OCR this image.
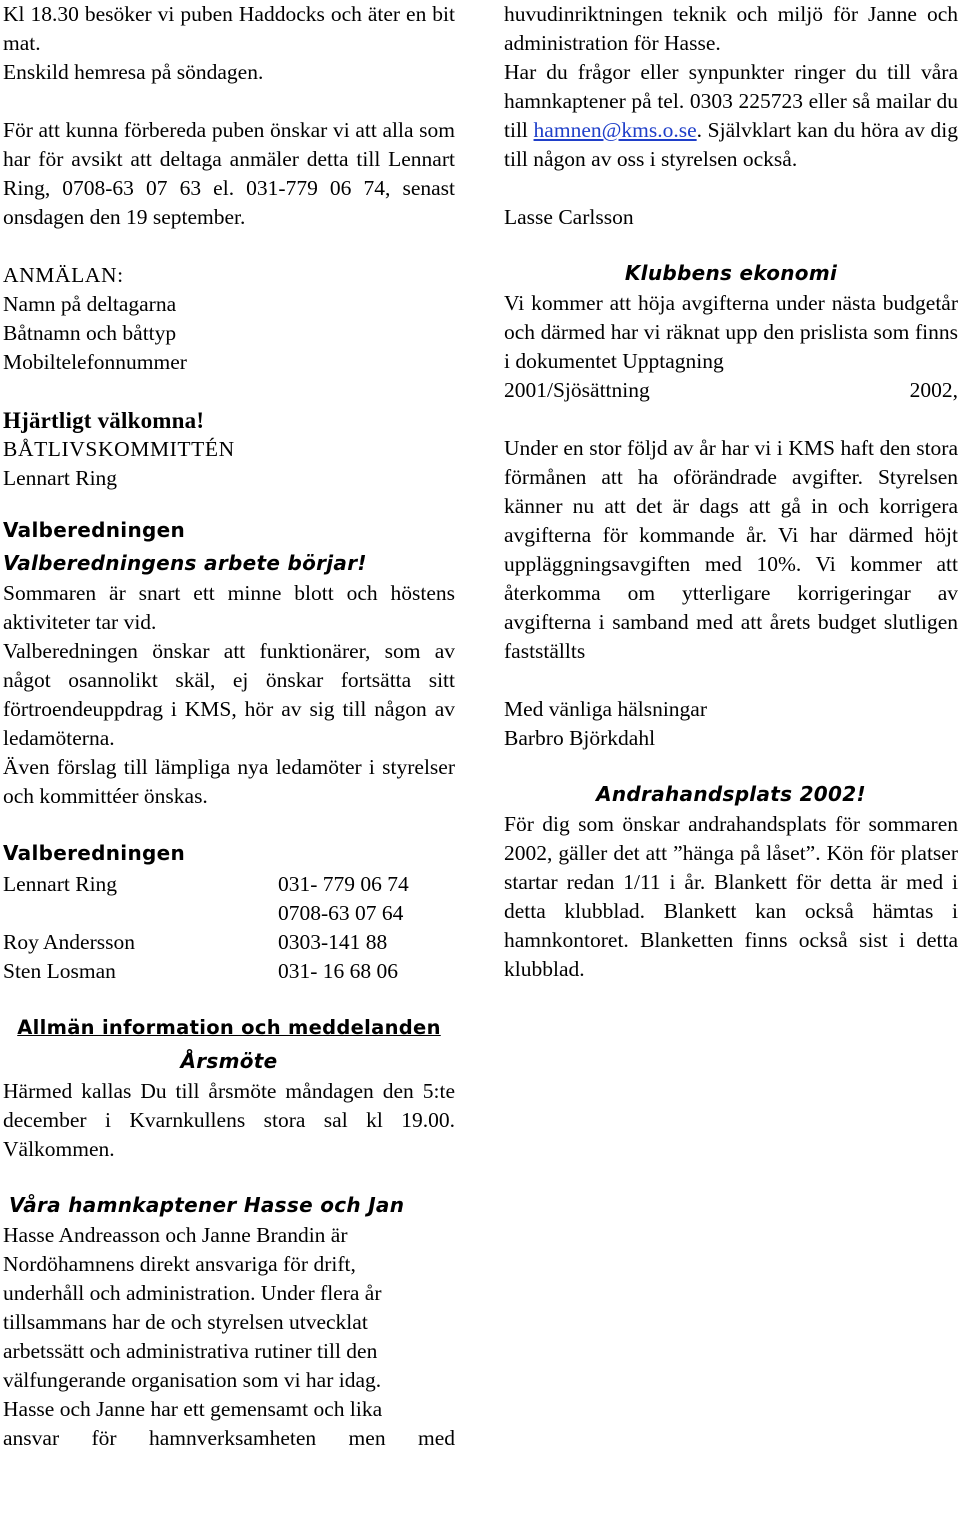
Kl 18.30 besöker vi puben Haddocks och äter en bit mat.

Enskild hemresa på söndagen.

För att kunna förbereda puben önskar vi att alla som har för avsikt att deltaga anmäler detta till Lennart Ring, 0708-63 07 63 el. 031-779 06 74, senast onsdagen den 19 september.

ANMÄLAN:

Namn på deltagarna

Båtnamn och båttyp

Mobiltelefonnummer

Hjärtligt välkomna!

BÅTLIVSKOMMITTÉN

Lennart Ring

Valberedningen

Valberedningens arbete börjar!

Sommaren är snart ett minne blott och höstens aktiviteter tar vid.

Valberedningen önskar att funktionärer, som av något osannolikt skäl, ej önskar fortsätta sitt förtroendeuppdrag i KMS, hör av sig till någon av ledamöterna.

Även förslag till lämpliga nya ledamöter i styrelser och kommittéer önskas.

Valberedningen

Lennart Ring	031- 779 06 74
0708-63 07 64
Roy Andersson	0303-141 88
Sten Losman	031- 16 68 06

Allmän information och meddelanden

Årsmöte

Härmed kallas Du till årsmöte måndagen den 5:te december i Kvarnkullens stora sal kl 19.00. Välkommen.

Våra hamnkaptener Hasse och Jan

Hasse Andreasson och Janne Brandin är

Nordöhamnens direkt ansvariga för drift,

underhåll och administration. Under flera år

tillsammans har de och styrelsen utvecklat

arbetssätt och administrativa rutiner till den

välfungerande organisation som vi har idag.

Hasse och Janne har ett gemensamt och lika

ansvar för hamnverksamheten men med

huvudinriktningen teknik och miljö för Janne och administration för Hasse.

Har du frågor eller synpunkter ringer du till våra hamnkaptener på tel. 0303 225723 eller så mailar du till hamnen@kms.o.se. Självklart kan du höra av dig till någon av oss i styrelsen också.

Lasse Carlsson

Klubbens ekonomi

Vi kommer att höja avgifterna under nästa budgetår och därmed har vi räknat upp den prislista som finns i dokumentet Upptagning

2001/Sjösättning	2002,

Under en stor följd av år har vi i KMS haft den stora förmånen att ha oförändrade avgifter. Styrelsen känner nu att det är dags att gå in och korrigera avgifterna för kommande år. Vi har därmed höjt uppläggningsavgiften med 10%. Vi kommer att återkomma om ytterligare korrigeringar av avgifterna i samband med att årets budget slutligen fastställts

Med vänliga hälsningar

Barbro Björkdahl

Andrahandsplats 2002!

För dig som önskar andrahandsplats för sommaren 2002, gäller det att ”hänga på låset”. Kön för platser startar redan 1/11 i år. Blankett för detta är med i detta klubblad. Blankett kan också hämtas i hamnkontoret. Blanketten finns också sist i detta klubblad.
